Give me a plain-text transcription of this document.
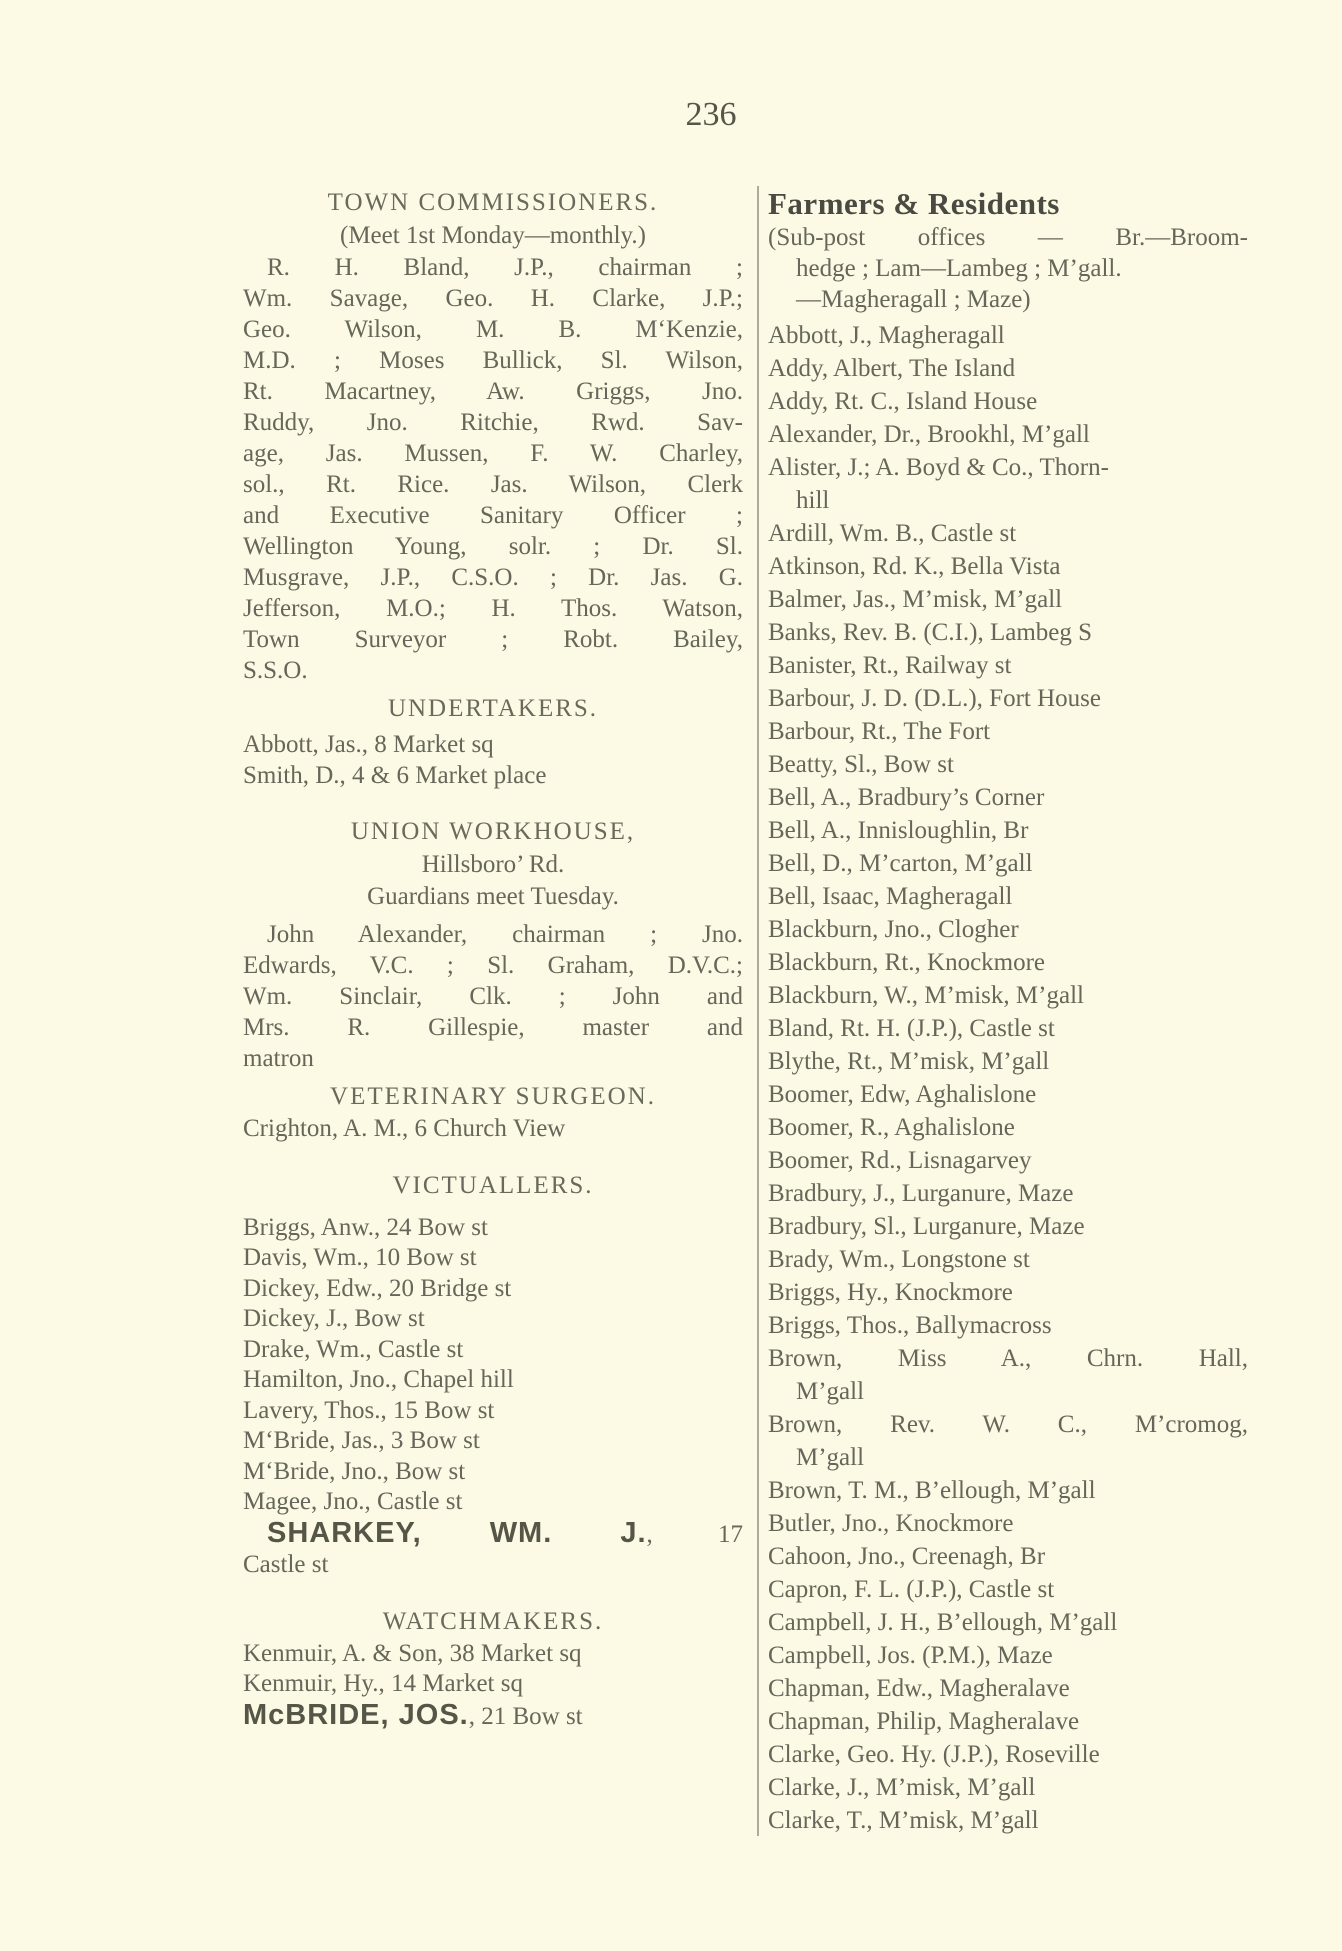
236
TOWN COMMISSIONERS.
(Meet 1st Monday—monthly.)
R. H. Bland, J.P., chairman ;
Wm. Savage, Geo. H. Clarke, J.P.;
Geo. Wilson, M. B. M‘Kenzie,
M.D. ; Moses Bullick, Sl. Wilson,
Rt. Macartney, Aw. Griggs, Jno.
Ruddy, Jno. Ritchie, Rwd. Sav-
age, Jas. Mussen, F. W. Charley,
sol., Rt. Rice. Jas. Wilson, Clerk
and Executive Sanitary Officer ;
Wellington Young, solr. ; Dr. Sl.
Musgrave, J.P., C.S.O. ; Dr. Jas. G.
Jefferson, M.O.; H. Thos. Watson,
Town Surveyor ; Robt. Bailey,
S.S.O.
UNDERTAKERS.
Abbott, Jas., 8 Market sq
Smith, D., 4 & 6 Market place
UNION WORKHOUSE,
Hillsboro’ Rd.
Guardians meet Tuesday.
John Alexander, chairman ; Jno.
Edwards, V.C. ; Sl. Graham, D.V.C.;
Wm. Sinclair, Clk. ; John and
Mrs. R. Gillespie, master and
matron
VETERINARY SURGEON.
Crighton, A. M., 6 Church View
VICTUALLERS.
Briggs, Anw., 24 Bow st
Davis, Wm., 10 Bow st
Dickey, Edw., 20 Bridge st
Dickey, J., Bow st
Drake, Wm., Castle st
Hamilton, Jno., Chapel hill
Lavery, Thos., 15 Bow st
M‘Bride, Jas., 3 Bow st
M‘Bride, Jno., Bow st
Magee, Jno., Castle st
SHARKEY, WM. J., 17
Castle st
WATCHMAKERS.
Kenmuir, A. & Son, 38 Market sq
Kenmuir, Hy., 14 Market sq
McBRIDE, JOS., 21 Bow st
Farmers & Residents
(Sub-post offices — Br.—Broom-
hedge ; Lam—Lambeg ; M’gall.
—Magheragall ; Maze)
Abbott, J., Magheragall
Addy, Albert, The Island
Addy, Rt. C., Island House
Alexander, Dr., Brookhl, M’gall
Alister, J.; A. Boyd & Co., Thorn-
hill
Ardill, Wm. B., Castle st
Atkinson, Rd. K., Bella Vista
Balmer, Jas., M’misk, M’gall
Banks, Rev. B. (C.I.), Lambeg S
Banister, Rt., Railway st
Barbour, J. D. (D.L.), Fort House
Barbour, Rt., The Fort
Beatty, Sl., Bow st
Bell, A., Bradbury’s Corner
Bell, A., Innisloughlin, Br
Bell, D., M’carton, M’gall
Bell, Isaac, Magheragall
Blackburn, Jno., Clogher
Blackburn, Rt., Knockmore
Blackburn, W., M’misk, M’gall
Bland, Rt. H. (J.P.), Castle st
Blythe, Rt., M’misk, M’gall
Boomer, Edw, Aghalislone
Boomer, R., Aghalislone
Boomer, Rd., Lisnagarvey
Bradbury, J., Lurganure, Maze
Bradbury, Sl., Lurganure, Maze
Brady, Wm., Longstone st
Briggs, Hy., Knockmore
Briggs, Thos., Ballymacross
Brown, Miss A., Chrn. Hall,
M’gall
Brown, Rev. W. C., M’cromog,
M’gall
Brown, T. M., B’ellough, M’gall
Butler, Jno., Knockmore
Cahoon, Jno., Creenagh, Br
Capron, F. L. (J.P.), Castle st
Campbell, J. H., B’ellough, M’gall
Campbell, Jos. (P.M.), Maze
Chapman, Edw., Magheralave
Chapman, Philip, Magheralave
Clarke, Geo. Hy. (J.P.), Roseville
Clarke, J., M’misk, M’gall
Clarke, T., M’misk, M’gall
